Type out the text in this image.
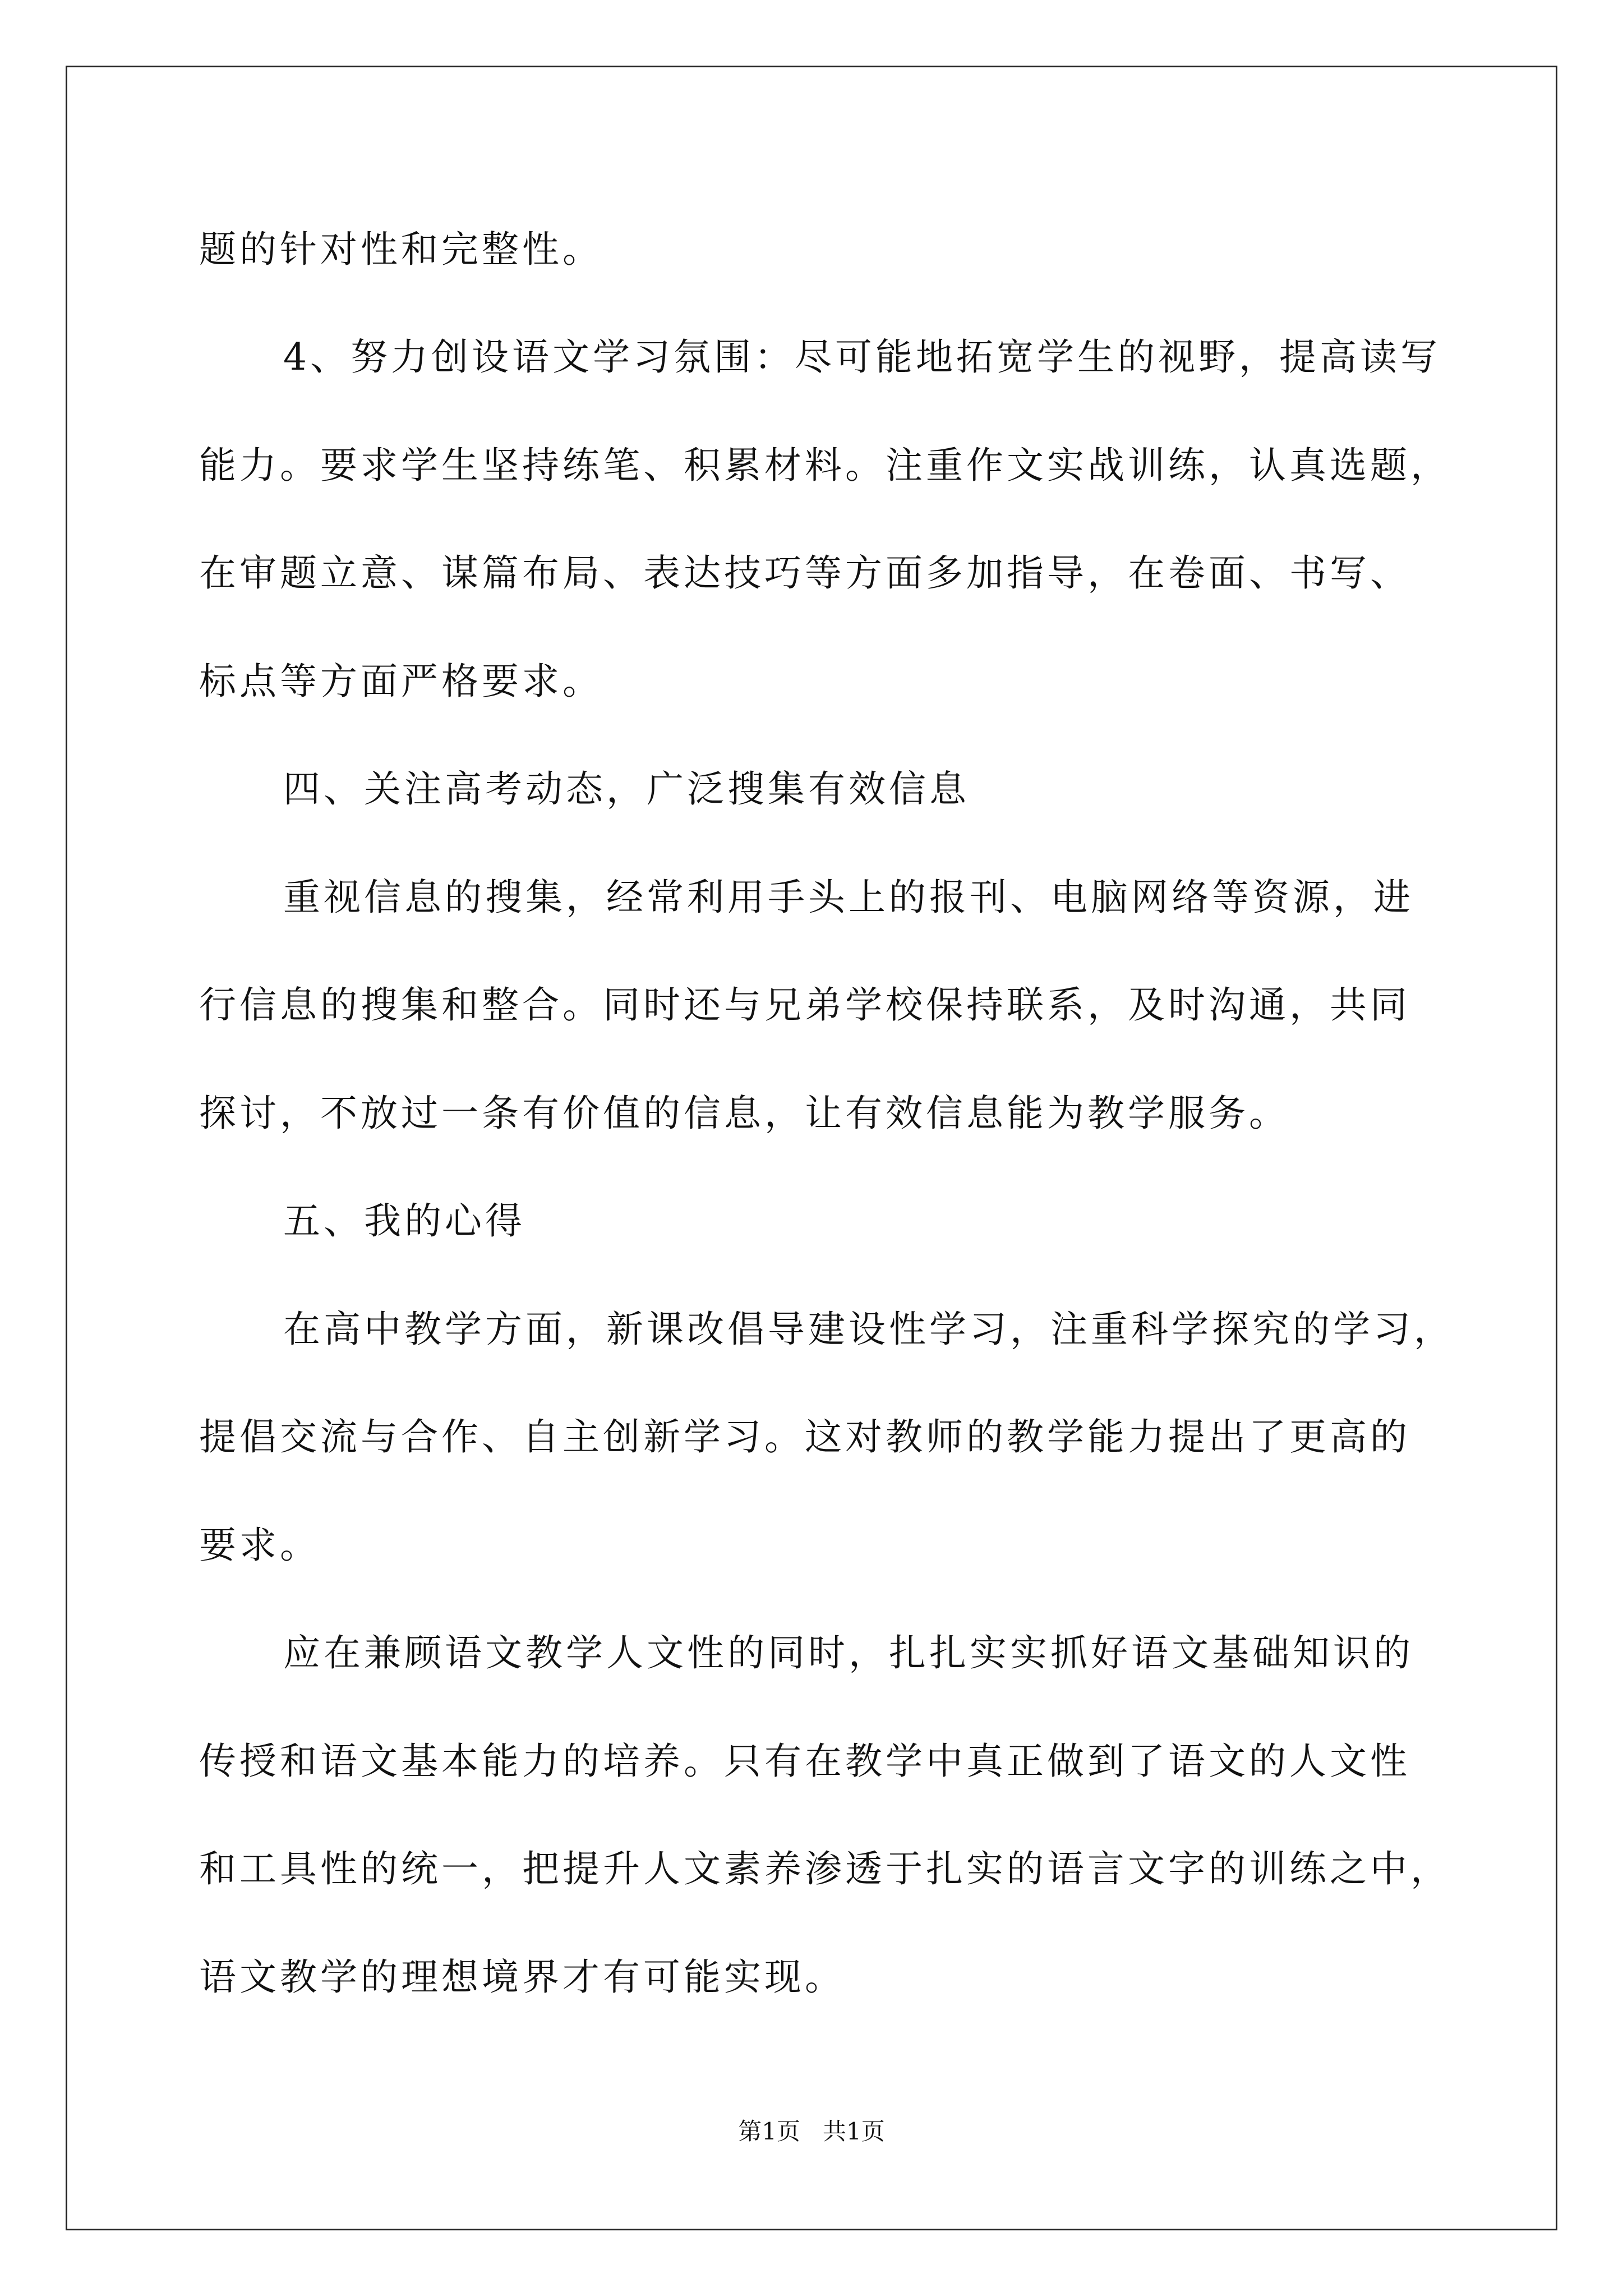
题的针对性和完整性。
4、努力创设语文学习氛围：尽可能地拓宽学生的视野，提高读写
能力。要求学生坚持练笔、积累材料。注重作文实战训练，认真选题，
在审题立意、谋篇布局、表达技巧等方面多加指导，在卷面、书写、
标点等方面严格要求。
四、关注高考动态，广泛搜集有效信息
重视信息的搜集，经常利用手头上的报刊、电脑网络等资源，进
行信息的搜集和整合。同时还与兄弟学校保持联系，及时沟通，共同
探讨，不放过一条有价值的信息，让有效信息能为教学服务。
五、我的心得
在高中教学方面，新课改倡导建设性学习，注重科学探究的学习，
提倡交流与合作、自主创新学习。这对教师的教学能力提出了更高的
要求。
应在兼顾语文教学人文性的同时，扎扎实实抓好语文基础知识的
传授和语文基本能力的培养。只有在教学中真正做到了语文的人文性
和工具性的统一，把提升人文素养渗透于扎实的语言文字的训练之中，
语文教学的理想境界才有可能实现。
第1页   共1页
